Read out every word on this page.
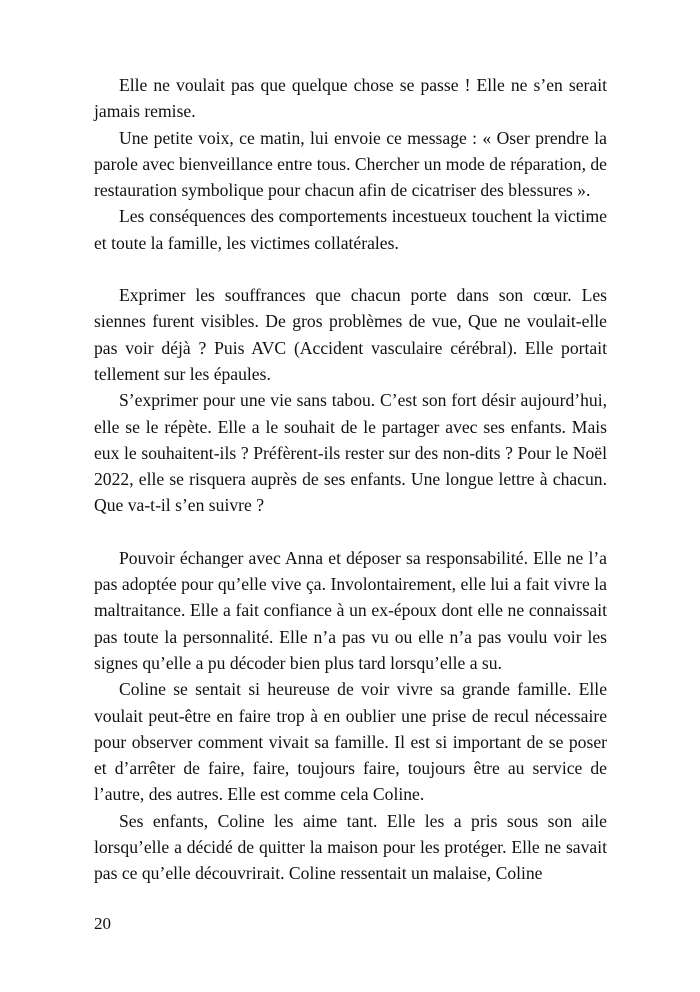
Elle ne voulait pas que quelque chose se passe ! Elle ne s’en serait jamais remise.

Une petite voix, ce matin, lui envoie ce message : « Oser prendre la parole avec bienveillance entre tous. Chercher un mode de réparation, de restauration symbolique pour chacun afin de cicatriser des blessures ».

Les conséquences des comportements incestueux touchent la victime et toute la famille, les victimes collatérales.

Exprimer les souffrances que chacun porte dans son cœur. Les siennes furent visibles. De gros problèmes de vue, Que ne voulait-elle pas voir déjà ? Puis AVC (Accident vasculaire cérébral). Elle portait tellement sur les épaules.

S’exprimer pour une vie sans tabou. C’est son fort désir aujourd’hui, elle se le répète. Elle a le souhait de le partager avec ses enfants. Mais eux le souhaitent-ils ? Préfèrent-ils rester sur des non-dits ? Pour le Noël 2022, elle se risquera auprès de ses enfants. Une longue lettre à chacun. Que va-t-il s’en suivre ?

Pouvoir échanger avec Anna et déposer sa responsabilité. Elle ne l’a pas adoptée pour qu’elle vive ça. Involontairement, elle lui a fait vivre la maltraitance. Elle a fait confiance à un ex-époux dont elle ne connaissait pas toute la personnalité. Elle n’a pas vu ou elle n’a pas voulu voir les signes qu’elle a pu décoder bien plus tard lorsqu’elle a su.

Coline se sentait si heureuse de voir vivre sa grande famille. Elle voulait peut-être en faire trop à en oublier une prise de recul nécessaire pour observer comment vivait sa famille. Il est si important de se poser et d’arrêter de faire, faire, toujours faire, toujours être au service de l’autre, des autres. Elle est comme cela Coline.

Ses enfants, Coline les aime tant. Elle les a pris sous son aile lorsqu’elle a décidé de quitter la maison pour les protéger. Elle ne savait pas ce qu’elle découvrirait. Coline ressentait un malaise, Coline

20
